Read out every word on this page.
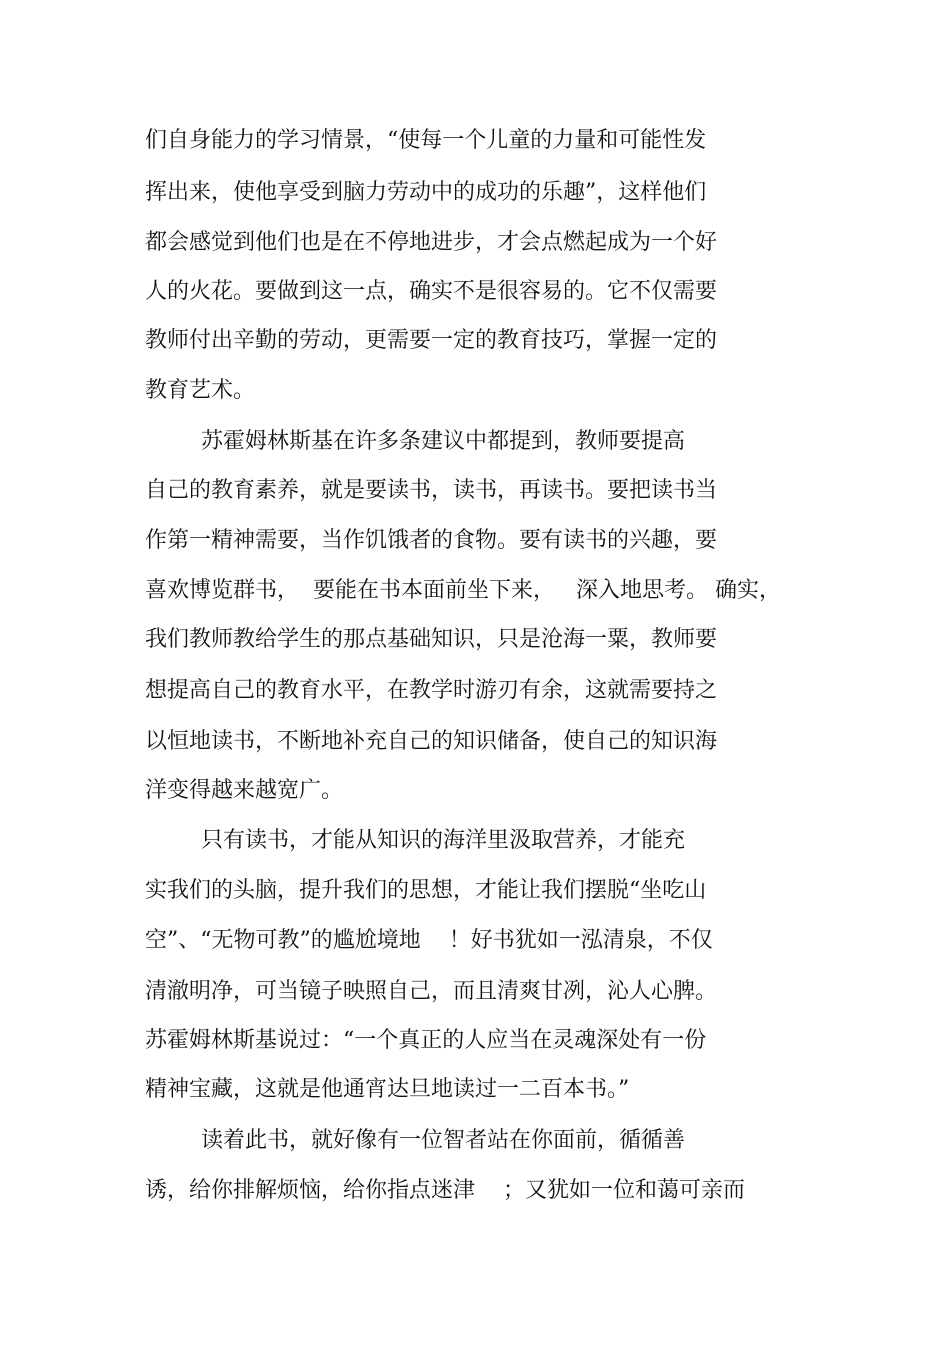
们自身能力的学习情景，“使每一个儿童的力量和可能性发
挥出来，使他享受到脑力劳动中的成功的乐趣”，这样他们
都会感觉到他们也是在不停地进步，才会点燃起成为一个好
人的火花。要做到这一点，确实不是很容易的。它不仅需要
教师付出辛勤的劳动，更需要一定的教育技巧，掌握一定的
教育艺术。
苏霍姆林斯基在许多条建议中都提到，教师要提高
自己的教育素养，就是要读书，读书，再读书。要把读书当
作第一精神需要，当作饥饿者的食物。要有读书的兴趣，要
喜欢博览群书，  要能在书本面前坐下来，   深入地思考。 确实，
我们教师教给学生的那点基础知识，只是沧海一粟，教师要
想提高自己的教育水平，在教学时游刃有余，这就需要持之
以恒地读书，不断地补充自己的知识储备，使自己的知识海
洋变得越来越宽广。
只有读书，才能从知识的海洋里汲取营养，才能充
实我们的头脑，提升我们的思想，才能让我们摆脱“坐吃山
空”、“无物可教”的尴尬境地    ！好书犹如一泓清泉，不仅
清澈明净，可当镜子映照自己，而且清爽甘冽，沁人心脾。
苏霍姆林斯基说过：“一个真正的人应当在灵魂深处有一份
精神宝藏，这就是他通宵达旦地读过一二百本书。”
读着此书，就好像有一位智者站在你面前，循循善
诱，给你排解烦恼，给你指点迷津    ；又犹如一位和蔼可亲而
